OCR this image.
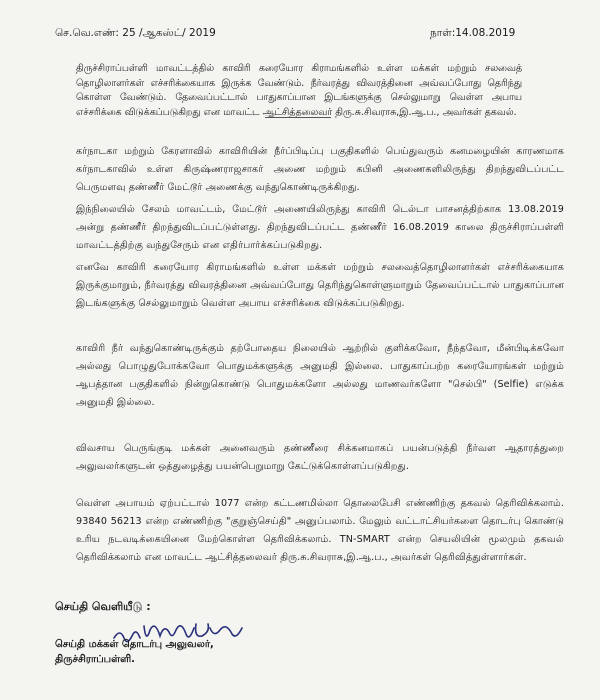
செ.வெ.எண்: 25 /ஆகஸ்ட்/ 2019	நாள்:14.08.2019
திருச்சிராப்பள்ளி மாவட்டத்தில் காவிரி கரையோர கிராமங்களில் உள்ள மக்கள் மற்றும் சலவைத் தொழிலாளர்கள் எச்சரிக்கையாக இருக்க வேண்டும். நீர்வரத்து விவரத்தினை அவ்வப்போது தெரிந்து கொள்ள வேண்டும். தேவைப்பட்டால் பாதுகாப்பான இடங்களுக்கு செல்லுமாறு வெள்ள அபாய எச்சரிக்கை விடுக்கப்படுகிறது என மாவட்ட ஆட்சித்தலைவர் திரு.சு.சிவராசு,இ.ஆ.ப., அவர்கள் தகவல்.
கர்நாடகா மற்றும் கேரளாவில் காவிரியின் நீர்ப்பிடிப்பு பகுதிகளில் பெய்துவரும் கனமழையின் காரணமாக கர்நாடகாவில் உள்ள கிருஷ்ணராஜசாகர் அணை மற்றும் கபினி அணைகளிலிருந்து திறந்துவிடப்பட்ட பெருமளவு தண்ணீர் மேட்டூர் அணைக்கு வந்துகொண்டிருக்கிறது.
இந்நிலையில் சேலம் மாவட்டம், மேட்டூர் அணையிலிருந்து காவிரி டெல்டா பாசனத்திற்காக 13.08.2019 அன்று தண்ணீர் திறந்துவிடப்பட்டுள்ளது. திறந்துவிடப்பட்ட தண்ணீர் 16.08.2019 காலை திருச்சிராப்பள்ளி மாவட்டத்திற்கு வந்துசேரும் என எதிர்பார்க்கப்படுகிறது.
எனவே காவிரி கரையோர கிராமங்களில் உள்ள மக்கள் மற்றும் சலவைத்தொழிலாளர்கள் எச்சரிக்கையாக இருக்குமாறும், நீர்வரத்து விவரத்தினை அவ்வப்போது தெரிந்துகொள்ளுமாறும் தேவைப்பட்டால் பாதுகாப்பான இடங்களுக்கு செல்லுமாறும் வெள்ள அபாய எச்சரிக்கை விடுக்கப்படுகிறது.
காவிரி நீர் வந்துகொண்டிருக்கும் தற்போதைய நிலையில் ஆற்றில் குளிக்கவோ, நீந்தவோ, மீன்பிடிக்கவோ அல்லது பொழுதுபோக்கவோ பொதுமக்களுக்கு அனுமதி இல்லை. பாதுகாப்பற்ற கரையோரங்கள் மற்றும் ஆபத்தான பகுதிகளில் நின்றுகொண்டு பொதுமக்களோ அல்லது மாணவர்களோ "செல்பி" (Selfie) எடுக்க அனுமதி இல்லை.
விவசாய பெருங்குடி மக்கள் அனைவரும் தண்ணீரை சிக்கனமாகப் பயன்படுத்தி நீர்வள ஆதாரத்துறை அலுவலர்களுடன் ஒத்துழைத்து பயன்பெறுமாறு கேட்டுக்கொள்ளப்படுகிறது.
வெள்ள அபாயம் ஏற்பட்டால் 1077 என்ற கட்டணமில்லா தொலைபேசி எண்ணிற்கு தகவல் தெரிவிக்கலாம். 93840 56213 என்ற எண்ணிற்கு "குறுஞ்செய்தி" அனுப்பலாம். மேலும் வட்டாட்சியர்களை தொடர்பு கொண்டு உரிய நடவடிக்கையினை மேற்கொள்ள தெரிவிக்கலாம். TN-SMART என்ற செயலியின் மூலமும் தகவல் தெரிவிக்கலாம் என மாவட்ட ஆட்சித்தலைவர் திரு.சு.சிவராசு,இ.ஆ.ப., அவர்கள் தெரிவித்துள்ளார்கள்.
செய்தி வெளியீடு :
செய்தி மக்கள் தொடர்பு அலுவலர்,
திருச்சிராப்பள்ளி.
